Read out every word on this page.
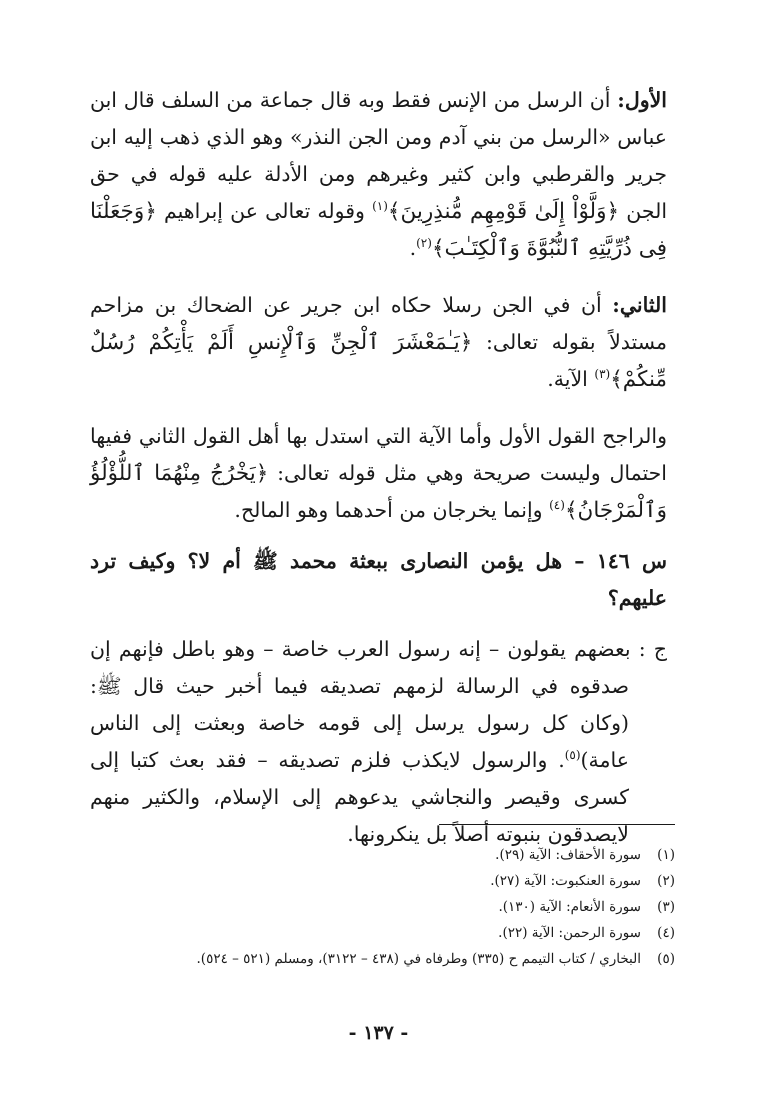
الأول: أن الرسل من الإنس فقط وبه قال جماعة من السلف قال ابن عباس «الرسل من بني آدم ومن الجن النذر» وهو الذي ذهب إليه ابن جرير والقرطبي وابن كثير وغيرهم ومن الأدلة عليه قوله في حق الجن ﴿وَلَّوْاْ إِلَىٰ قَوْمِهِم مُّنذِرِينَ﴾$^{(١)}$ وقوله تعالى عن إبراهيم ﴿وَجَعَلْنَا فِى ذُرِّيَّتِهِ ٱلنُّبُوَّةَ وَٱلْكِتَـٰبَ﴾$^{(٢)}$.

الثاني: أن في الجن رسلا حكاه ابن جرير عن الضحاك بن مزاحم مستدلاً بقوله تعالى: ﴿يَـٰمَعْشَرَ ٱلْجِنِّ وَٱلْإِنسِ أَلَمْ يَأْتِكُمْ رُسُلٌ مِّنكُمْ﴾$^{(٣)}$ الآية.

والراجح القول الأول وأما الآية التي استدل بها أهل القول الثاني ففيها احتمال وليست صريحة وهي مثل قوله تعالى: ﴿يَخْرُجُ مِنْهُمَا ٱللُّؤْلُؤُ وَٱلْمَرْجَانُ﴾$^{(٤)}$ وإنما يخرجان من أحدهما وهو المالح.

س ١٤٦ – هل يؤمن النصارى ببعثة محمد ﷺ أم لا؟ وكيف ترد عليهم؟

ج : بعضهم يقولون – إنه رسول العرب خاصة – وهو باطل فإنهم إن صدقوه في الرسالة لزمهم تصديقه فيما أخبر حيث قال ﷺ: (وكان كل رسول يرسل إلى قومه خاصة وبعثت إلى الناس عامة)$^{(٥)}$. والرسول لايكذب فلزم تصديقه – فقد بعث كتبا إلى كسرى وقيصر والنجاشي يدعوهم إلى الإسلام، والكثير منهم لايصدقون بنبوته أصلاً بل ينكرونها.

(١)
سورة الأحقاف: الآية (٢٩).
(٢)
سورة العنكبوت: الآية (٢٧).
(٣)
سورة الأنعام: الآية (١٣٠).
(٤)
سورة الرحمن: الآية (٢٢).
(٥)
البخاري / كتاب التيمم ح (٣٣٥) وطرفاه في (٤٣٨ – ٣١٢٢)، ومسلم (٥٢١ – ٥٢٤).
- ١٣٧ -
